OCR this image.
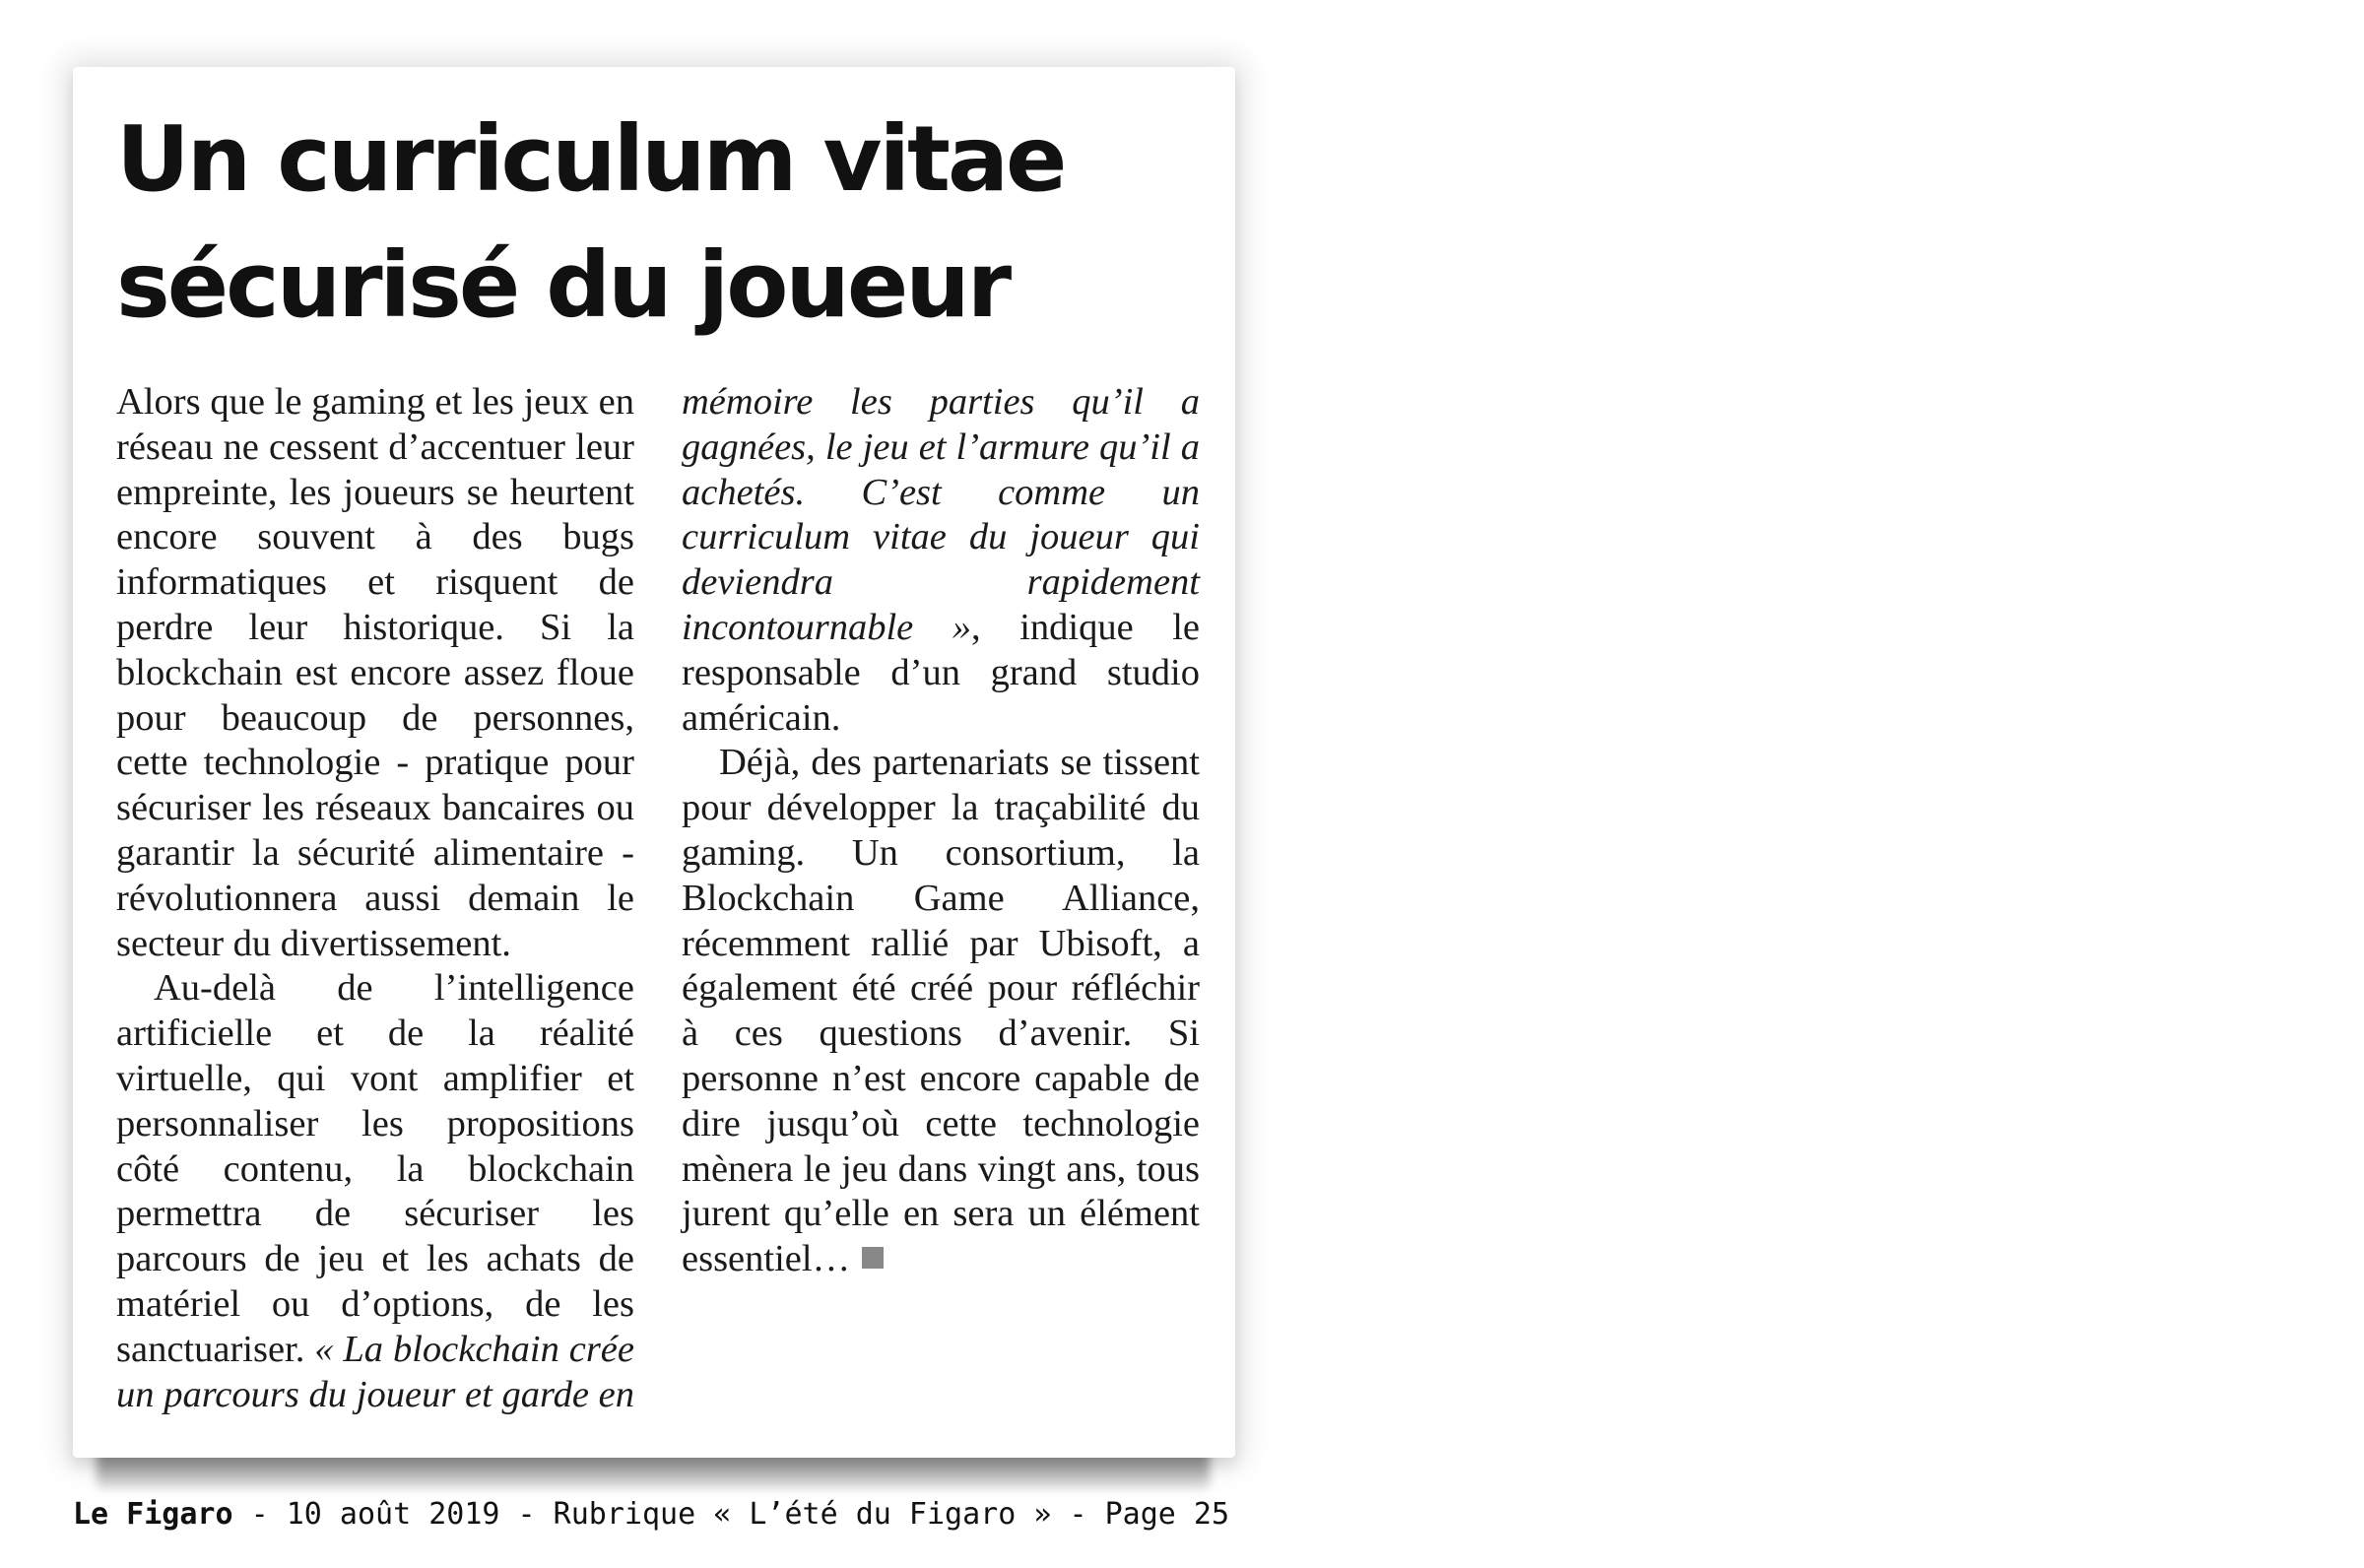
Un curriculum vitae
sécurisé du joueur

Alors que le gaming et les jeux en réseau ne cessent d’accentuer leur empreinte, les joueurs se heurtent encore souvent à des bugs informatiques et risquent de perdre leur historique. Si la blockchain est encore assez floue pour beaucoup de personnes, cette technologie - pratique pour sécuriser les réseaux bancaires ou garantir la sécurité alimentaire - révolutionnera aussi demain le secteur du divertissement.

Au-delà de l’intelligence artificielle et de la réalité virtuelle, qui vont amplifier et personnaliser les propositions côté contenu, la blockchain permettra de sécuriser les parcours de jeu et les achats de matériel ou d’options, de les sanctuariser. « La blockchain crée un parcours du joueur et garde en mémoire les parties qu’il a gagnées, le jeu et l’armure qu’il a achetés. C’est comme un curriculum vitae du joueur qui deviendra rapidement incontournable », indique le responsable d’un grand studio américain.

Déjà, des partenariats se tissent pour développer la traçabilité du gaming. Un consortium, la Blockchain Game Alliance, récemment rallié par Ubisoft, a également été créé pour réfléchir à ces questions d’avenir. Si personne n’est encore capable de dire jusqu’où cette technologie mènera le jeu dans vingt ans, tous jurent qu’elle en sera un élément essentiel…

Le Figaro - 10 août 2019 - Rubrique « L’été du Figaro » - Page 25
